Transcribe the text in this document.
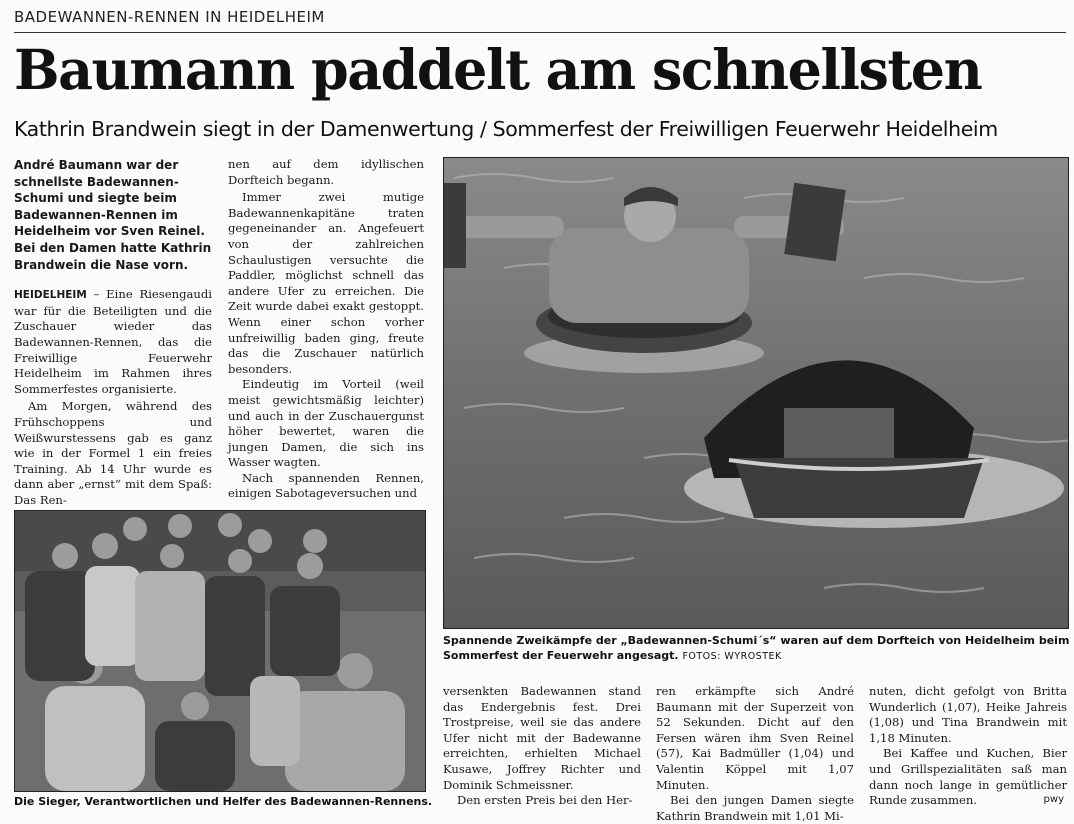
BADEWANNEN-RENNEN IN HEIDELHEIM
Baumann paddelt am schnellsten
Kathrin Brandwein siegt in der Damenwertung / Sommerfest der Freiwilligen Feuerwehr Heidelheim

André Baumann war der schnellste Badewannen-Schumi und siegte beim Badewannen-Rennen im Heidelheim vor Sven Reinel. Bei den Damen hatte Kathrin Brandwein die Nase vorn.

HEIDELHEIM – Eine Riesengaudi war für die Beteiligten und die Zuschauer wieder das Badewannen-Rennen, das die Freiwillige Feuerwehr Heidelheim im Rahmen ihres Sommerfestes organisierte.

Am Morgen, während des Frühschoppens und Weißwurstessens gab es ganz wie in der Formel 1 ein freies Training. Ab 14 Uhr wurde es dann aber „ernst“ mit dem Spaß: Das Ren-

nen auf dem idyllischen Dorfteich begann.

Immer zwei mutige Badewannenkapitäne traten gegeneinander an. Angefeuert von der zahlreichen Schaulustigen versuchte die Paddler, möglichst schnell das andere Ufer zu erreichen. Die Zeit wurde dabei exakt gestoppt. Wenn einer schon vorher unfreiwillig baden ging, freute das die Zuschauer natürlich besonders.

Eindeutig im Vorteil (weil meist gewichtsmäßig leichter) und auch in der Zuschauergunst höher bewertet, waren die jungen Damen, die sich ins Wasser wagten.

Nach spannenden Rennen, einigen Sabotageversuchen und

Spannende Zweikämpfe der „Badewannen-Schumi´s“ waren auf dem Dorfteich von Heidelheim beim Sommerfest der Feuerwehr angesagt. FOTOS: WYROSTEK
Die Sieger, Verantwortlichen und Helfer des Badewannen-Rennens.

versenkten Badewannen stand das Endergebnis fest. Drei Trostpreise, weil sie das andere Ufer nicht mit der Badewanne erreichten, erhielten Michael Kusawe, Joffrey Richter und Dominik Schmeissner.

Den ersten Preis bei den Her-

ren erkämpfte sich André Baumann mit der Superzeit von 52 Sekunden. Dicht auf den Fersen wären ihm Sven Reinel (57), Kai Badmüller (1,04) und Valentin Köppel mit 1,07 Minuten.

Bei den jungen Damen siegte Kathrin Brandwein mit 1,01 Mi-

nuten, dicht gefolgt von Britta Wunderlich (1,07), Heike Jahreis (1,08) und Tina Brandwein mit 1,18 Minuten.

Bei Kaffee und Kuchen, Bier und Grillspezialitäten saß man dann noch lange in gemütlicher Runde zusammen.	pwy
